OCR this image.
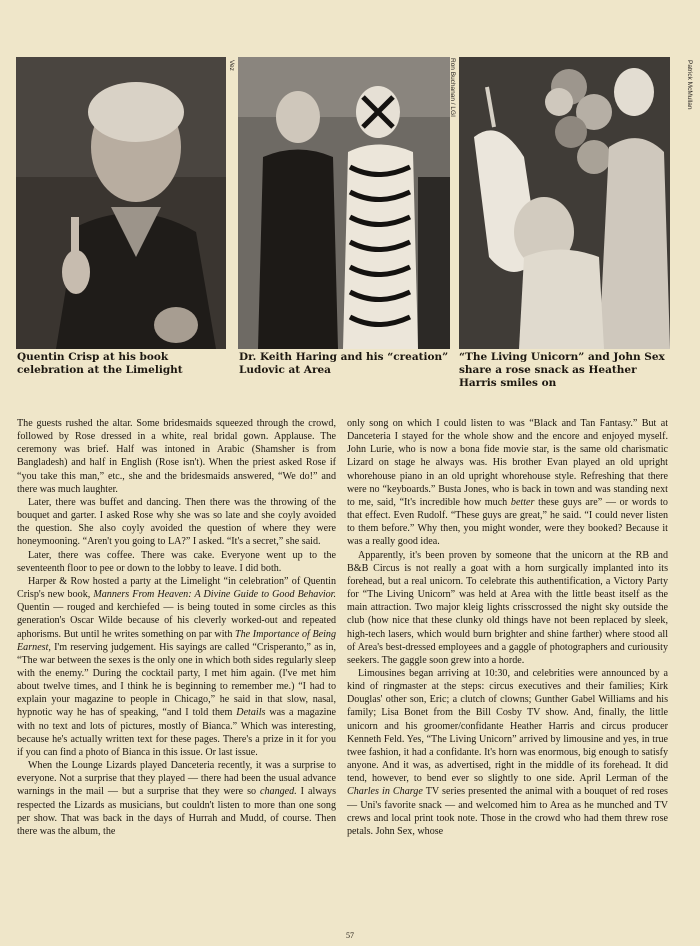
Vez	Ron Buchanan / LGI	Patrick McMullan
Quentin Crisp at his book celebration at the Limelight
Dr. Keith Haring and his “creation” Ludovic at Area
“The Living Unicorn” and John Sex share a rose snack as Heather Harris smiles on

The guests rushed the altar. Some bridesmaids squeezed through the crowd, followed by Rose dressed in a white, real bridal gown. Applause. The ceremony was brief. Half was intoned in Arabic (Shamsher is from Bangladesh) and half in English (Rose isn't). When the priest asked Rose if “you take this man,” etc., she and the bridesmaids answered, “We do!” and there was much laughter.

Later, there was buffet and dancing. Then there was the throwing of the bouquet and garter. I asked Rose why she was so late and she coyly avoided the question. She also coyly avoided the question of where they were honeymooning. “Aren't you going to LA?” I asked. “It's a secret,” she said.

Later, there was coffee. There was cake. Everyone went up to the seventeenth floor to pee or down to the lobby to leave. I did both.

Harper & Row hosted a party at the Limelight “in celebration” of Quentin Crisp's new book, Manners From Heaven: A Divine Guide to Good Behavior. Quentin — rouged and kerchiefed — is being touted in some circles as this generation's Oscar Wilde because of his cleverly worked-out and repeated aphorisms. But until he writes something on par with The Importance of Being Earnest, I'm reserving judgement. His sayings are called “Crisperanto,” as in, “The war between the sexes is the only one in which both sides regularly sleep with the enemy.” During the cocktail party, I met him again. (I've met him about twelve times, and I think he is beginning to remember me.) “I had to explain your magazine to people in Chicago,” he said in that slow, nasal, hypnotic way he has of speaking, “and I told them Details was a magazine with no text and lots of pictures, mostly of Bianca.” Which was interesting, because he's actually written text for these pages. There's a prize in it for you if you can find a photo of Bianca in this issue. Or last issue.

When the Lounge Lizards played Danceteria recently, it was a surprise to everyone. Not a surprise that they played — there had been the usual advance warnings in the mail — but a surprise that they were so changed. I always respected the Lizards as musicians, but couldn't listen to more than one song per show. That was back in the days of Hurrah and Mudd, of course. Then there was the album, the

only song on which I could listen to was “Black and Tan Fantasy.” But at Danceteria I stayed for the whole show and the encore and enjoyed myself. John Lurie, who is now a bona fide movie star, is the same old charismatic Lizard on stage he always was. His brother Evan played an old upright whorehouse piano in an old upright whorehouse style. Refreshing that there were no “keyboards.” Busta Jones, who is back in town and was standing next to me, said, “It's incredible how much better these guys are” — or words to that effect. Even Rudolf. “These guys are great,” he said. “I could never listen to them before.” Why then, you might wonder, were they booked? Because it was a really good idea.

Apparently, it's been proven by someone that the unicorn at the RB and B&B Circus is not really a goat with a horn surgically implanted into its forehead, but a real unicorn. To celebrate this authentification, a Victory Party for “The Living Unicorn” was held at Area with the little beast itself as the main attraction. Two major kleig lights crisscrossed the night sky outside the club (how nice that these clunky old things have not been replaced by sleek, high-tech lasers, which would burn brighter and shine farther) where stood all of Area's best-dressed employees and a gaggle of photographers and curiousity seekers. The gaggle soon grew into a horde.

Limousines began arriving at 10:30, and celebrities were announced by a kind of ringmaster at the steps: circus executives and their families; Kirk Douglas' other son, Eric; a clutch of clowns; Gunther Gabel Williams and his family; Lisa Bonet from the Bill Cosby TV show. And, finally, the little unicorn and his groomer/confidante Heather Harris and circus producer Kenneth Feld. Yes, “The Living Unicorn” arrived by limousine and yes, in true twee fashion, it had a confidante. It's horn was enormous, big enough to satisfy anyone. And it was, as advertised, right in the middle of its forehead. It did tend, however, to bend ever so slightly to one side. April Lerman of the Charles in Charge TV series presented the animal with a bouquet of red roses — Uni's favorite snack — and welcomed him to Area as he munched and TV crews and local print took note. Those in the crowd who had them threw rose petals. John Sex, whose

57
